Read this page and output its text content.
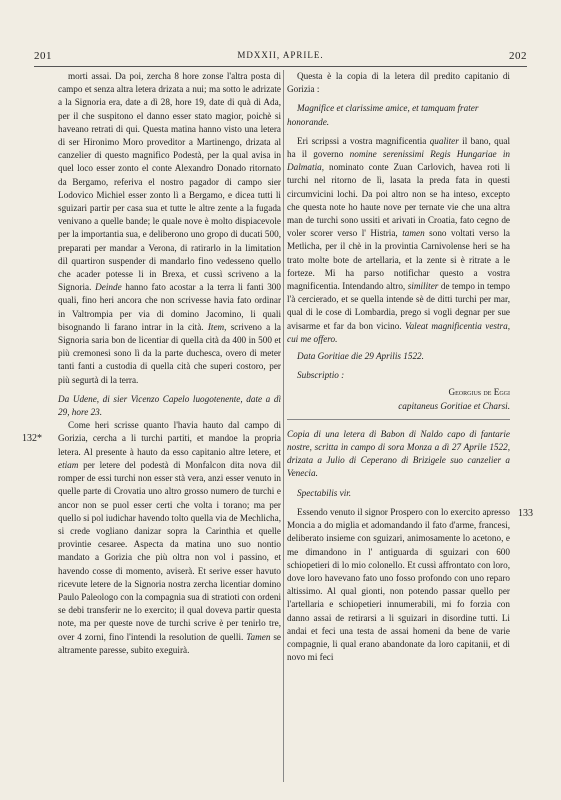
201	MDXXII, APRILE.	202
132*
133

morti assai. Da poi, zercha 8 hore zonse l'altra posta di campo et senza altra letera drizata a nui; ma sotto le adrizate a la Signoria era, date a dì 28, hore 19, date di quà di Ada, per il che suspitono el danno esser stato magior, poichè si haveano retrati di qui. Questa matina hanno visto una letera di ser Hironimo Moro proveditor a Martinengo, drizata al canzelier di questo magnifico Podestà, per la qual avisa in quel loco esser zonto el conte Alexandro Donado ritornato da Bergamo, referiva el nostro pagador di campo sier Lodovico Michiel esser zonto lì a Bergamo, e dicea tutti li sguizari partir per casa sua et tutte le altre zente a la fugada venivano a quelle bande; le quale nove è molto dispiacevole per la importantia sua, e deliberono uno gropo di ducati 500, preparati per mandar a Verona, di ratirarlo in la limitation dil quartiron suspender di mandarlo fino vedesseno quello che acader potesse li in Brexa, et cussì scriveno a la Signoria. Deinde hanno fato acostar a la terra li fanti 300 quali, fino heri ancora che non scrivesse havia fato ordinar in Valtrompia per via di domino Jacomino, li quali bisognando li farano intrar in la cità. Item, scriveno a la Signoria saria bon de licentiar di quella cità da 400 in 500 et più cremonesi sono lì da la parte duchesca, overo di meter tanti fanti a custodia di quella cità che superi costoro, per più segurtà di la terra.

Da Udene, di sier Vicenzo Capelo luogotenente, date a dì 29, hore 23.

Come heri scrisse quanto l'havia hauto dal campo di Gorizia, cercha a li turchi partiti, et mandoe la propria letera. Al presente à hauto da esso capitanio altre letere, et etiam per letere del podestà di Monfalcon dita nova dil romper de essi turchi non esser stà vera, anzi esser venuto in quelle parte di Crovatia uno altro grosso numero de turchi e ancor non se puol esser certi che volta i torano; ma per quello si pol iudichar havendo tolto quella via de Mechlicha, si crede vogliano danizar sopra la Carinthia et quelle provintie cesaree. Aspecta da matina uno suo nontio mandato a Gorizia che più oltra non vol i passino, et havendo cosse di momento, aviserà. Et serive esser havuto ricevute letere de la Signoria nostra zercha licentiar domino Paulo Paleologo con la compagnia sua di stratioti con ordeni se debi transferir ne lo exercito; il qual doveva partir questa note, ma per queste nove de turchi scrive è per tenirlo tre, over 4 zorni, fino l'intendi la resolution de quelli. Tamen se altramente paresse, subito exeguirà.

Questa è la copia di la letera dil predito capitanio di Gorizia :

Magnifice et clarissime amice, et tamquam frater honorande.

Eri scripssi a vostra magnificentia qualiter il bano, qual ha il governo nomine serenissimi Regis Hungariae in Dalmatia, nominato conte Zuan Carlovich, havea roti li turchi nel ritorno de lì, lasata la preda fata in questi circumvicini lochi. Da poi altro non se ha inteso, excepto che questa note ho haute nove per ternate vie che una altra man de turchi sono ussiti et arivati in Croatia, fato cegno de voler scorer verso l' Histria, tamen sono voltati verso la Metlicha, per il chè in la provintia Carnivolense heri se ha trato molte bote de artellaria, et la zente si è ritrate a le forteze. Mi ha parso notifichar questo a vostra magnificentia. Intendando altro, similiter de tempo in tempo l'à cercierado, et se quella intende sè de ditti turchi per mar, qual di le cose di Lombardia, prego si vogli degnar per sue avisarme et far da bon vicino. Valeat magnificentia vestra, cui me offero.

Data Goritiae die 29 Aprilis 1522.

Subscriptio :

Georgius de Eggi

capitaneus Goritiae et Charsi.

Copia di una letera di Babon di Naldo capo di fantarie nostre, scritta in campo di sora Monza a dì 27 Aprile 1522, drizata a Julio di Ceperano di Brizigele suo canzelier a Venecia.

Spectabilis vir.

Essendo venuto il signor Prospero con lo exercito apresso Moncia a do miglia et adomandando il fato d'arme, francesi, deliberato insieme con sguizari, animosamente lo acetono, e me dimandono in l' antiguarda di sguizari con 600 schiopetieri di lo mio colonello. Et cussì affrontato con loro, dove loro havevano fato uno fosso profondo con uno reparo altissimo. Al qual gionti, non potendo passar quello per l'artellaria e schiopetieri innumerabili, mi fo forzia con danno assai de retirarsi a li sguizari in disordine tutti. Li andai et feci una testa de assai homeni da bene de varie compagnie, li qual erano abandonate da loro capitanii, et di novo mi feci
